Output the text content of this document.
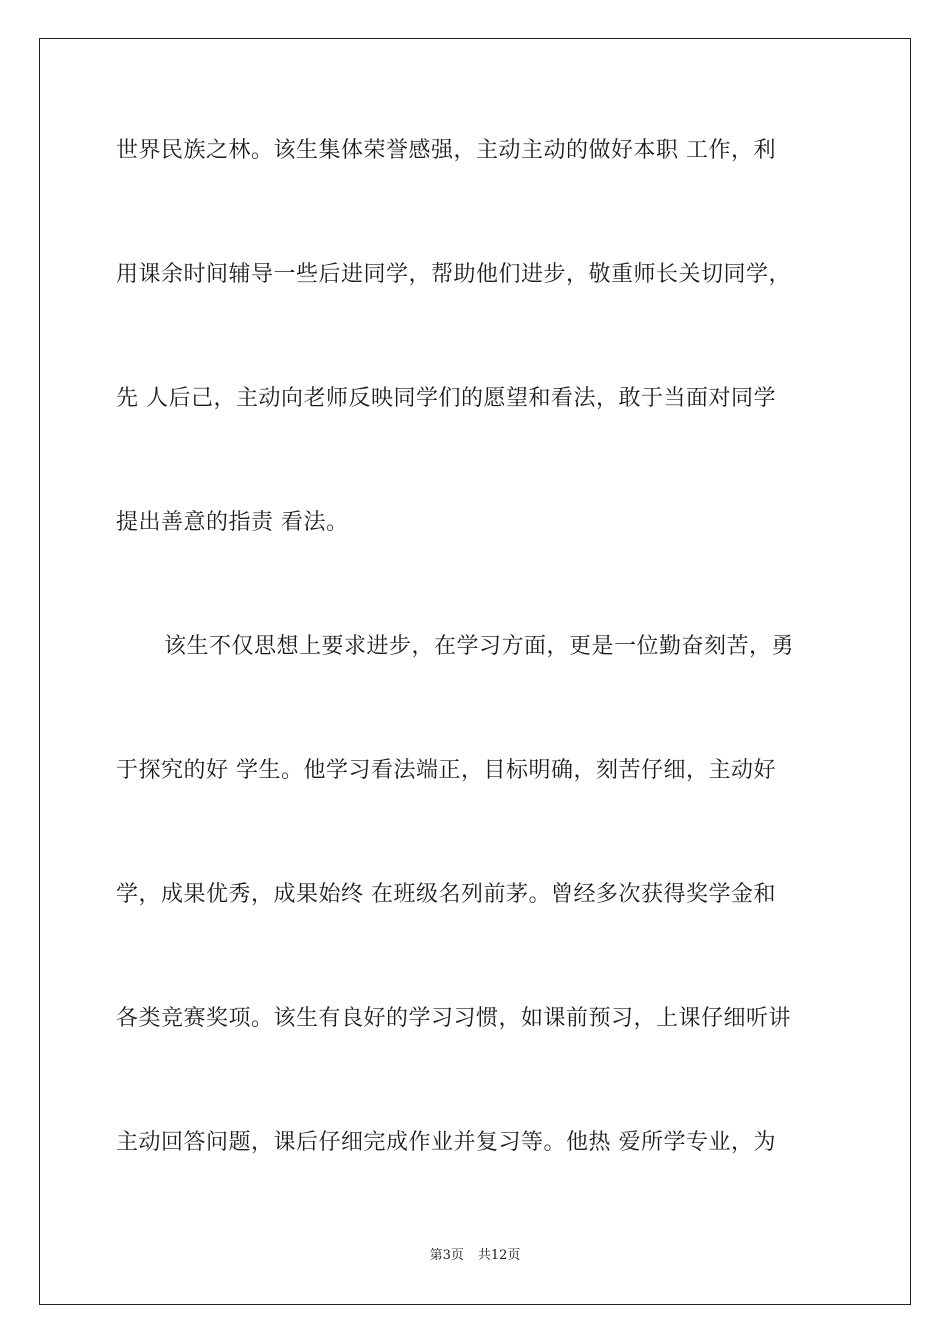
世界民族之林。该生集体荣誉感强，主动主动的做好本职 工作，利
用课余时间辅导一些后进同学，帮助他们进步，敬重师长关切同学，
先 人后己，主动向老师反映同学们的愿望和看法，敢于当面对同学
提出善意的指责 看法。
该生不仅思想上要求进步，在学习方面，更是一位勤奋刻苦，勇
于探究的好 学生。他学习看法端正，目标明确，刻苦仔细，主动好
学，成果优秀，成果始终 在班级名列前茅。曾经多次获得奖学金和
各类竞赛奖项。该生有良好的学习习惯，如课前预习，上课仔细听讲
主动回答问题，课后仔细完成作业并复习等。他热 爱所学专业，为
第3页 共12页
